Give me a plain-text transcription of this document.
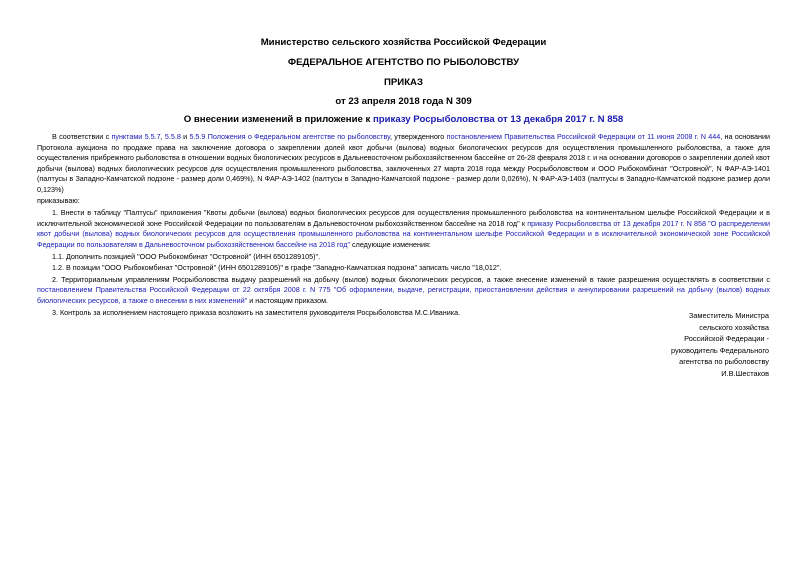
Министерство сельского хозяйства Российской Федерации
ФЕДЕРАЛЬНОЕ АГЕНТСТВО ПО РЫБОЛОВСТВУ
ПРИКАЗ
от 23 апреля 2018 года N 309
О внесении изменений в приложение к приказу Росрыболовства от 13 декабря 2017 г. N 858

В соответствии с пунктами 5.5.7, 5.5.8 и 5.5.9 Положения о Федеральном агентстве по рыболовству, утвержденного постановлением Правительства Российской Федерации от 11 июня 2008 г. N 444, на основании Протокола аукциона по продаже права на заключение договора о закреплении долей квот добычи (вылова) водных биологических ресурсов для осуществления промышленного рыболовства, а также для осуществления прибрежного рыболовства в отношении водных биологических ресурсов в Дальневосточном рыбохозяйственном бассейне от 26-28 февраля 2018 г. и на основании договоров о закреплении долей квот добычи (вылова) водных биологических ресурсов для осуществления промышленного рыболовства, заключенных 27 марта 2018 года между Росрыболовством и ООО Рыбокомбинат "Островной", N ФАР-АЭ-1401 (палтусы в Западно-Камчатской подзоне - размер доли 0,469%), N ФАР-АЭ-1402 (палтусы в Западно-Камчатской подзоне - размер доли 0,026%), N ФАР-АЭ-1403 (палтусы в Западно-Камчатской подзоне размер доли 0,123%)

приказываю:

1. Внести в таблицу "Палтусы" приложения "Квоты добычи (вылова) водных биологических ресурсов для осуществления промышленного рыболовства на континентальном шельфе Российской Федерации и в исключительной экономической зоне Российской Федерации по пользователям в Дальневосточном рыбохозяйственном бассейне на 2018 год" к приказу Росрыболовства от 13 декабря 2017 г. N 858 "О распределении квот добычи (вылова) водных биологических ресурсов для осуществления промышленного рыболовства на континентальном шельфе Российской Федерации и в исключительной экономической зоне Российской Федерации по пользователям в Дальневосточном рыбохозяйственном бассейне на 2018 год" следующие изменения:

1.1. Дополнить позицией "ООО Рыбокомбинат "Островной" (ИНН 6501289105)".

1.2. В позиции "ООО Рыбокомбинат "Островной" (ИНН 6501289105)" в графе "Западно-Камчатская подзона" записать число "18,012".

2. Территориальным управлениям Росрыболовства выдачу разрешений на добычу (вылов) водных биологических ресурсов, а также внесение изменений в такие разрешения осуществлять в соответствии с постановлением Правительства Российской Федерации от 22 октября 2008 г. N 775 "Об оформлении, выдаче, регистрации, приостановлении действия и аннулировании разрешений на добычу (вылов) водных биологических ресурсов, а также о внесении в них изменений" и настоящим приказом.

3. Контроль за исполнением настоящего приказа возложить на заместителя руководителя Росрыболовства М.С.Иваника.	Заместитель Министра
сельского хозяйства
Российской Федерации -
руководитель Федерального
агентства по рыболовству
И.В.Шестаков
